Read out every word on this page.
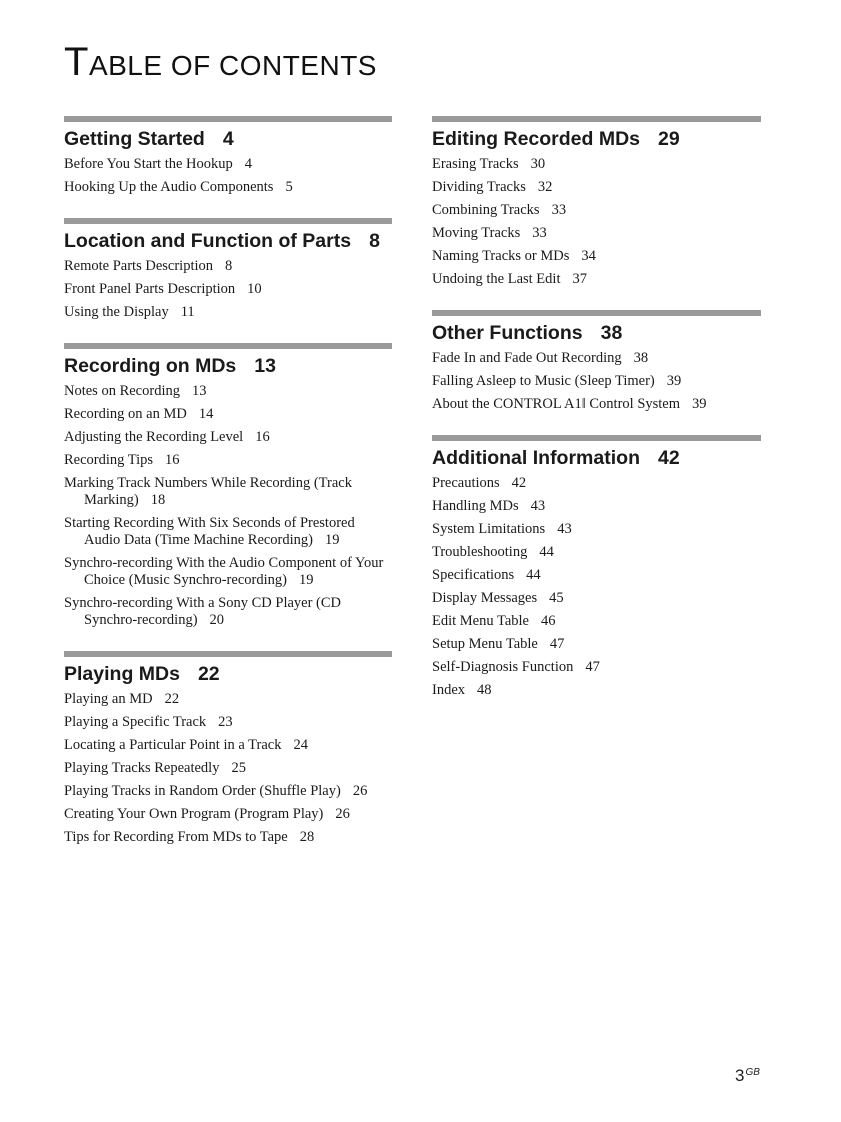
TABLE OF CONTENTS
Getting Started 4
Before You Start the Hookup 4
Hooking Up the Audio Components 5
Location and Function of Parts 8
Remote Parts Description 8
Front Panel Parts Description 10
Using the Display 11
Recording on MDs 13
Notes on Recording 13
Recording on an MD 14
Adjusting the Recording Level 16
Recording Tips 16
Marking Track Numbers While Recording (Track Marking) 18
Starting Recording With Six Seconds of Prestored Audio Data (Time Machine Recording) 19
Synchro-recording With the Audio Component of Your Choice (Music Synchro-recording) 19
Synchro-recording With a Sony CD Player (CD Synchro-recording) 20
Playing MDs 22
Playing an MD 22
Playing a Specific Track 23
Locating a Particular Point in a Track 24
Playing Tracks Repeatedly 25
Playing Tracks in Random Order (Shuffle Play) 26
Creating Your Own Program (Program Play) 26
Tips for Recording From MDs to Tape 28
Editing Recorded MDs 29
Erasing Tracks 30
Dividing Tracks 32
Combining Tracks 33
Moving Tracks 33
Naming Tracks or MDs 34
Undoing the Last Edit 37
Other Functions 38
Fade In and Fade Out Recording 38
Falling Asleep to Music (Sleep Timer) 39
About the CONTROL A1ǁ Control System 39
Additional Information 42
Precautions 42
Handling MDs 43
System Limitations 43
Troubleshooting 44
Specifications 44
Display Messages 45
Edit Menu Table 46
Setup Menu Table 47
Self-Diagnosis Function 47
Index 48
$3^{GB}$
